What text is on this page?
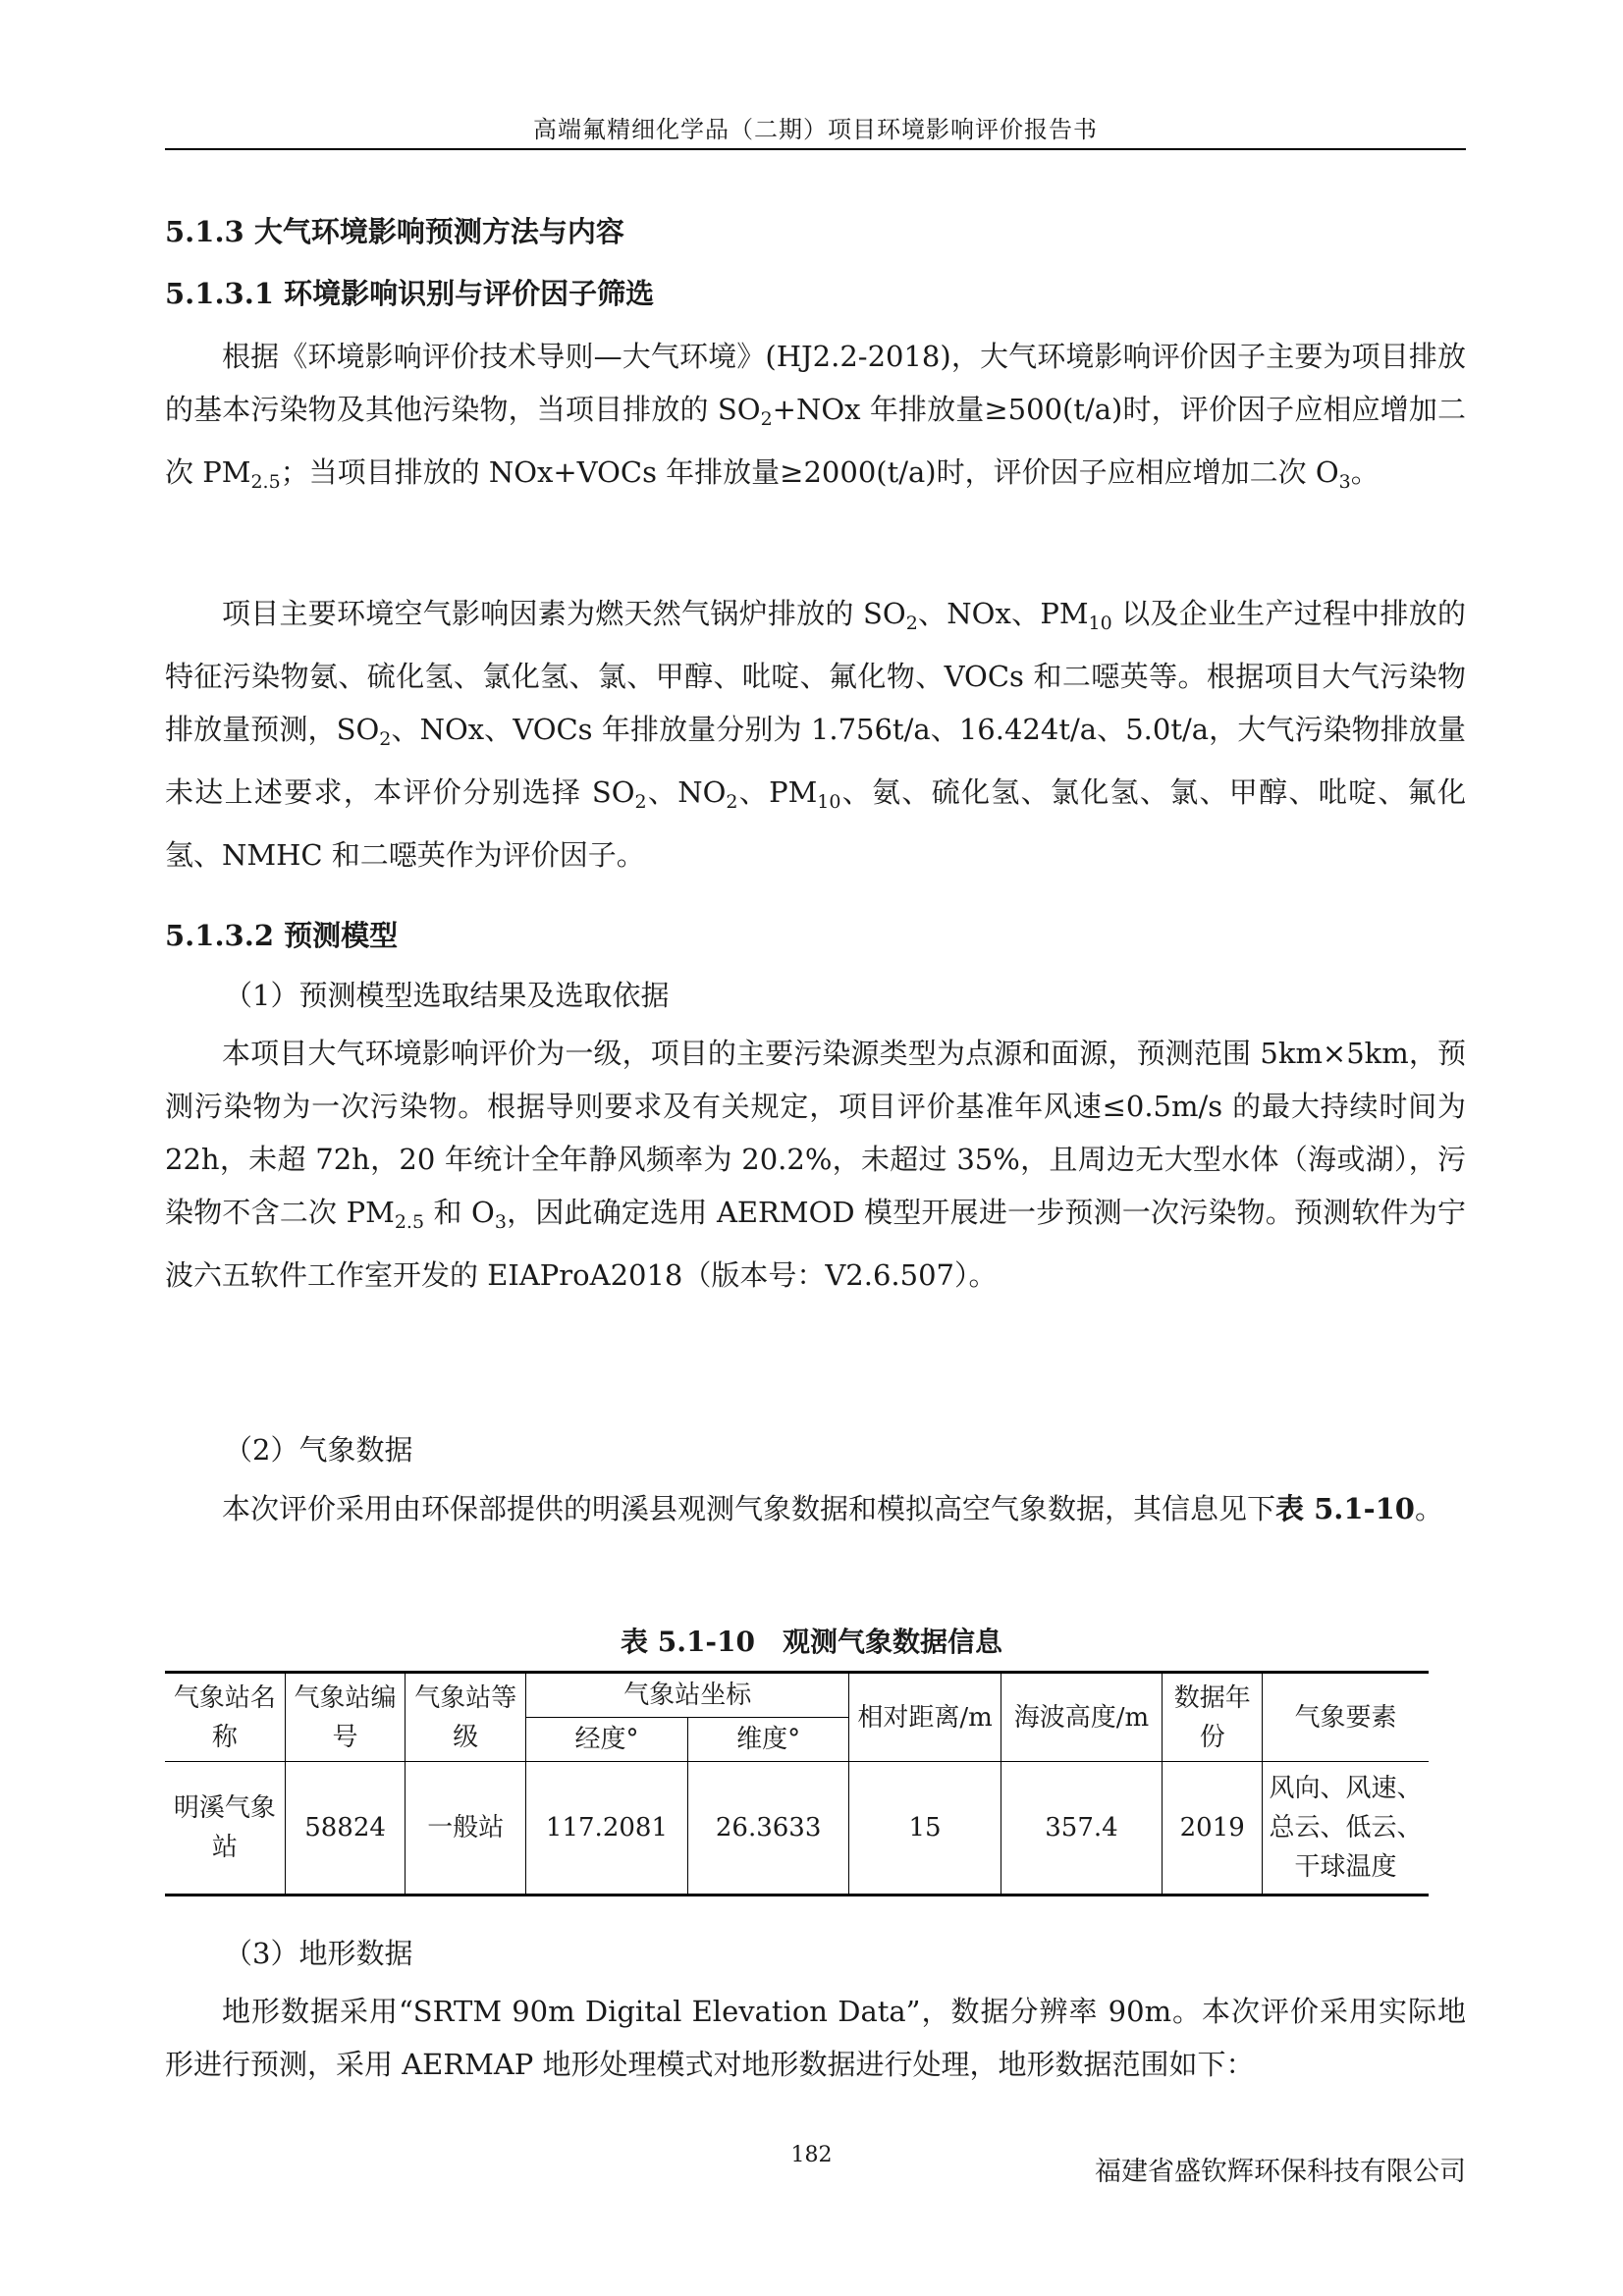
高端氟精细化学品（二期）项目环境影响评价报告书
5.1.3 大气环境影响预测方法与内容
5.1.3.1 环境影响识别与评价因子筛选
根据《环境影响评价技术导则—大气环境》(HJ2.2-2018)，大气环境影响评价因子主要为项目排放的基本污染物及其他污染物，当项目排放的 $SO_2+NOx$ 年排放量≥500(t/a)时，评价因子应相应增加二次 $PM_{2.5}$；当项目排放的 NOx+VOCs 年排放量≥2000(t/a)时，评价因子应相应增加二次 $O_3$。
项目主要环境空气影响因素为燃天然气锅炉排放的 $SO_2$、NOx、$PM_{10}$ 以及企业生产过程中排放的特征污染物氨、硫化氢、氯化氢、氯、甲醇、吡啶、氟化物、VOCs 和二噁英等。根据项目大气污染物排放量预测，$SO_2$、NOx、VOCs 年排放量分别为 1.756t/a、16.424t/a、5.0t/a，大气污染物排放量未达上述要求，本评价分别选择 $SO_2$、$NO_2$、$PM_{10}$、氨、硫化氢、氯化氢、氯、甲醇、吡啶、氟化氢、NMHC 和二噁英作为评价因子。
5.1.3.2 预测模型
（1）预测模型选取结果及选取依据
本项目大气环境影响评价为一级，项目的主要污染源类型为点源和面源，预测范围 5km×5km，预测污染物为一次污染物。根据导则要求及有关规定，项目评价基准年风速≤0.5m/s 的最大持续时间为 22h，未超 72h，20 年统计全年静风频率为 20.2%，未超过 35%，且周边无大型水体（海或湖），污染物不含二次 $PM_{2.5}$ 和 $O_3$，因此确定选用 AERMOD 模型开展进一步预测一次污染物。预测软件为宁波六五软件工作室开发的 EIAProA2018（版本号：V2.6.507）。
（2）气象数据
本次评价采用由环保部提供的明溪县观测气象数据和模拟高空气象数据，其信息见下表 5.1-10。
表 5.1-10　观测气象数据信息
气象站名称	气象站编号	气象站等级	气象站坐标		相对距离/m	海波高度/m	数据年份	气象要素
			经度°	维度°				
明溪气象站	58824	一般站	117.2081	26.3633	15	357.4	2019	风向、风速、总云、低云、干球温度
（3）地形数据
地形数据采用“SRTM 90m Digital Elevation Data”，数据分辨率 90m。本次评价采用实际地形进行预测，采用 AERMAP 地形处理模式对地形数据进行处理，地形数据范围如下：
182
福建省盛钦辉环保科技有限公司
